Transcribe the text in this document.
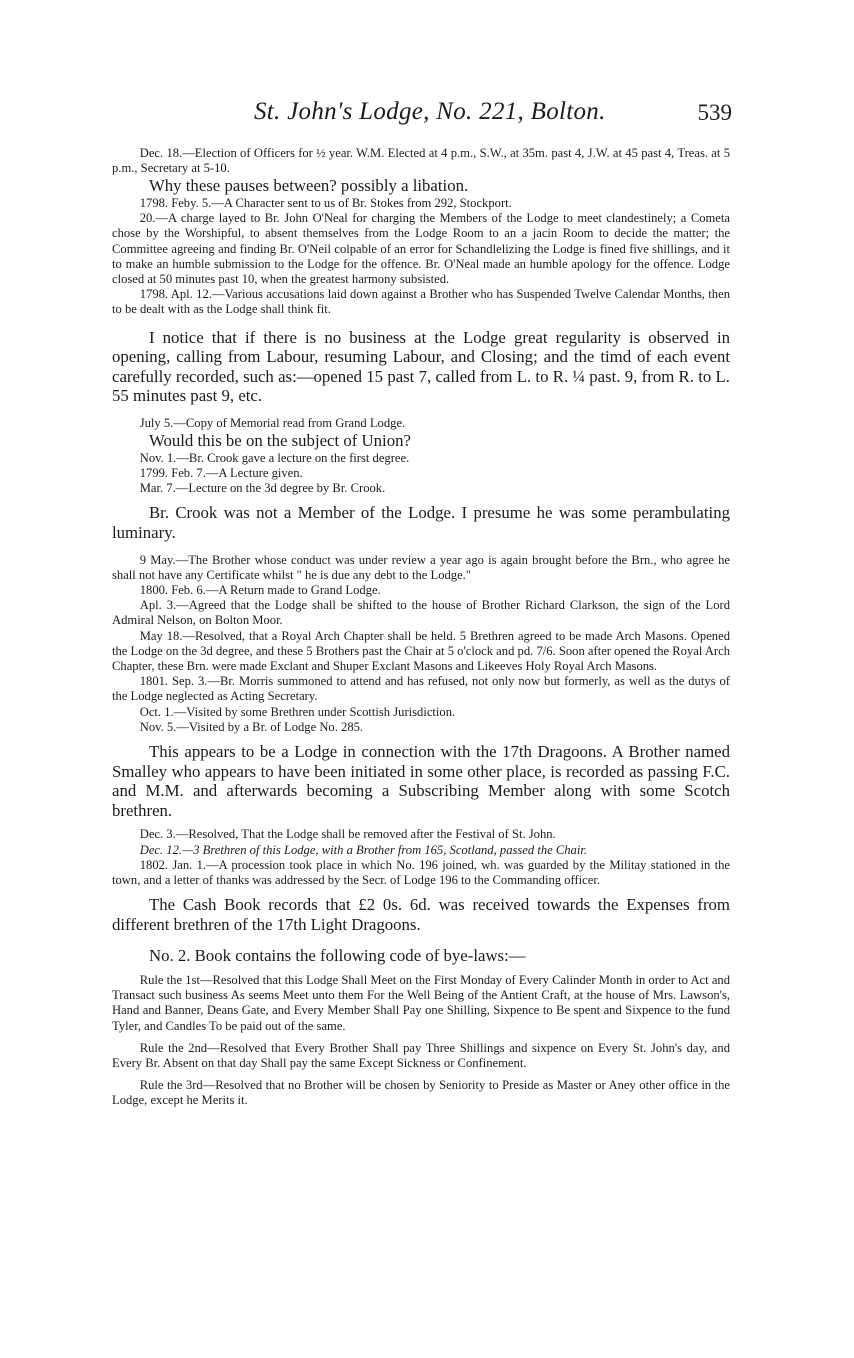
St. John's Lodge, No. 221, Bolton.	539

Dec. 18.—Election of Officers for ½ year. W.M. Elected at 4 p.m., S.W., at 35m. past 4, J.W. at 45 past 4, Treas. at 5 p.m., Secretary at 5-10.

Why these pauses between? possibly a libation.

1798. Feby. 5.—A Character sent to us of Br. Stokes from 292, Stockport.

20.—A charge layed to Br. John O'Neal for charging the Members of the Lodge to meet clandestinely; a Cometa chose by the Worshipful, to absent themselves from the Lodge Room to an a jacin Room to decide the matter; the Committee agreeing and finding Br. O'Neil colpable of an error for Schandlelizing the Lodge is fined five shillings, and it to make an humble submission to the Lodge for the offence. Br. O'Neal made an humble apology for the offence. Lodge closed at 50 minutes past 10, when the greatest harmony subsisted.

1798. Apl. 12.—Various accusations laid down against a Brother who has Suspended Twelve Calendar Months, then to be dealt with as the Lodge shall think fit.

I notice that if there is no business at the Lodge great regularity is observed in opening, calling from Labour, resuming Labour, and Closing; and the timd of each event carefully recorded, such as:—opened 15 past 7, called from L. to R. ¼ past. 9, from R. to L. 55 minutes past 9, etc.

July 5.—Copy of Memorial read from Grand Lodge.

Would this be on the subject of Union?

Nov. 1.—Br. Crook gave a lecture on the first degree.

1799. Feb. 7.—A Lecture given.

Mar. 7.—Lecture on the 3d degree by Br. Crook.

Br. Crook was not a Member of the Lodge. I presume he was some perambulating luminary.

9 May.—The Brother whose conduct was under review a year ago is again brought before the Brn., who agree he shall not have any Certificate whilst " he is due any debt to the Lodge."

1800. Feb. 6.—A Return made to Grand Lodge.

Apl. 3.—Agreed that the Lodge shall be shifted to the house of Brother Richard Clarkson, the sign of the Lord Admiral Nelson, on Bolton Moor.

May 18.—Resolved, that a Royal Arch Chapter shall be held. 5 Brethren agreed to be made Arch Masons. Opened the Lodge on the 3d degree, and these 5 Brothers past the Chair at 5 o'clock and pd. 7/6. Soon after opened the Royal Arch Chapter, these Brn. were made Exclant and Shuper Exclant Masons and Likeeves Holy Royal Arch Masons.

1801. Sep. 3.—Br. Morris summoned to attend and has refused, not only now but formerly, as well as the dutys of the Lodge neglected as Acting Secretary.

Oct. 1.—Visited by some Brethren under Scottish Jurisdiction.

Nov. 5.—Visited by a Br. of Lodge No. 285.

This appears to be a Lodge in connection with the 17th Dragoons. A Brother named Smalley who appears to have been initiated in some other place, is recorded as passing F.C. and M.M. and afterwards becoming a Subscribing Member along with some Scotch brethren.

Dec. 3.—Resolved, That the Lodge shall be removed after the Festival of St. John.

Dec. 12.—3 Brethren of this Lodge, with a Brother from 165, Scotland, passed the Chair.

1802. Jan. 1.—A procession took place in which No. 196 joined, wh. was guarded by the Militay stationed in the town, and a letter of thanks was addressed by the Secr. of Lodge 196 to the Commanding officer.

The Cash Book records that £2 0s. 6d. was received towards the Expenses from different brethren of the 17th Light Dragoons.

No. 2. Book contains the following code of bye-laws:—

Rule the 1st—Resolved that this Lodge Shall Meet on the First Monday of Every Calinder Month in order to Act and Transact such business As seems Meet unto them For the Well Being of the Antient Craft, at the house of Mrs. Lawson's, Hand and Banner, Deans Gate, and Every Member Shall Pay one Shilling, Sixpence to Be spent and Sixpence to the fund Tyler, and Candles To be paid out of the same.

Rule the 2nd—Resolved that Every Brother Shall pay Three Shillings and sixpence on Every St. John's day, and Every Br. Absent on that day Shall pay the same Except Sickness or Confinement.

Rule the 3rd—Resolved that no Brother will be chosen by Seniority to Preside as Master or Aney other office in the Lodge, except he Merits it.
